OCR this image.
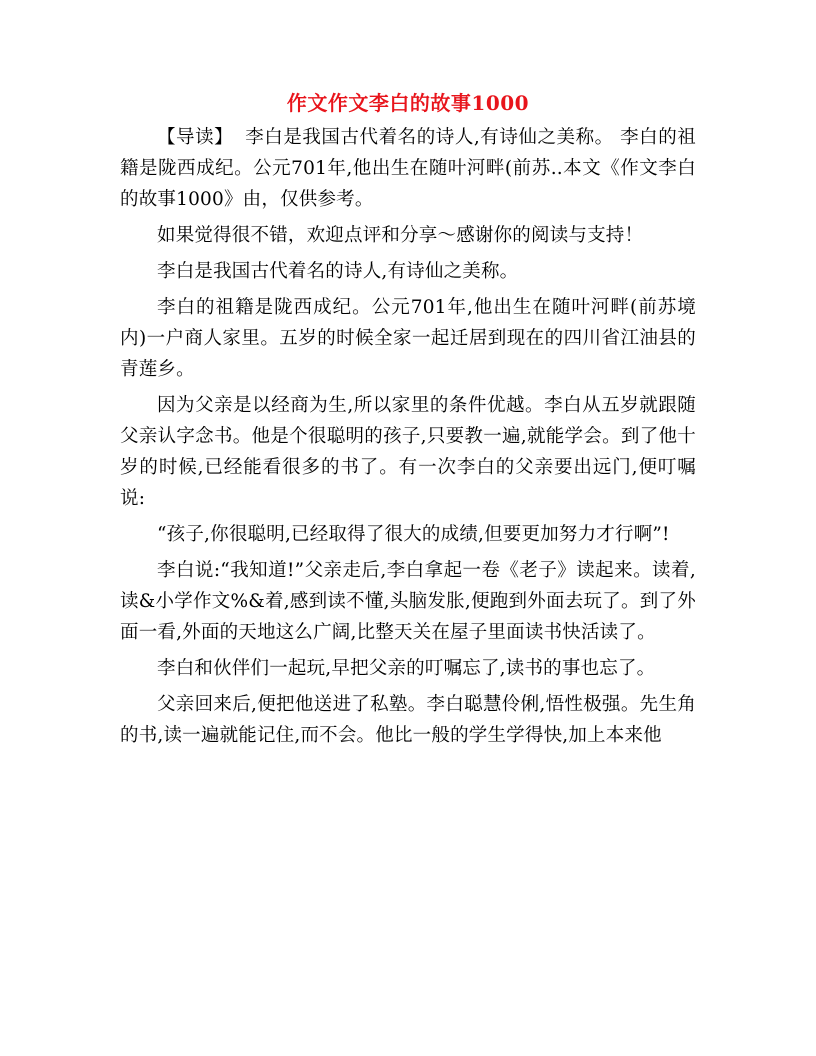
作文作文李白的故事1000

【导读】 李白是我国古代着名的诗人,有诗仙之美称。 李白的祖籍是陇西成纪。公元701年,他出生在随叶河畔(前苏..本文《作文李白的故事1000》由，仅供参考。

如果觉得很不错，欢迎点评和分享～感谢你的阅读与支持！

李白是我国古代着名的诗人,有诗仙之美称。

李白的祖籍是陇西成纪。公元701年,他出生在随叶河畔(前苏境内)一户商人家里。五岁的时候全家一起迁居到现在的四川省江油县的青莲乡。

因为父亲是以经商为生,所以家里的条件优越。李白从五岁就跟随父亲认字念书。他是个很聪明的孩子,只要教一遍,就能学会。到了他十岁的时候,已经能看很多的书了。有一次李白的父亲要出远门,便叮嘱说:

“孩子,你很聪明,已经取得了很大的成绩,但要更加努力才行啊”!

李白说:“我知道!”父亲走后,李白拿起一卷《老子》读起来。读着,读&小学作文%&着,感到读不懂,头脑发胀,便跑到外面去玩了。到了外面一看,外面的天地这么广阔,比整天关在屋子里面读书快活读了。

李白和伙伴们一起玩,早把父亲的叮嘱忘了,读书的事也忘了。

父亲回来后,便把他送进了私塾。李白聪慧伶俐,悟性极强。先生角的书,读一遍就能记住,而不会。他比一般的学生学得快,加上本来他
